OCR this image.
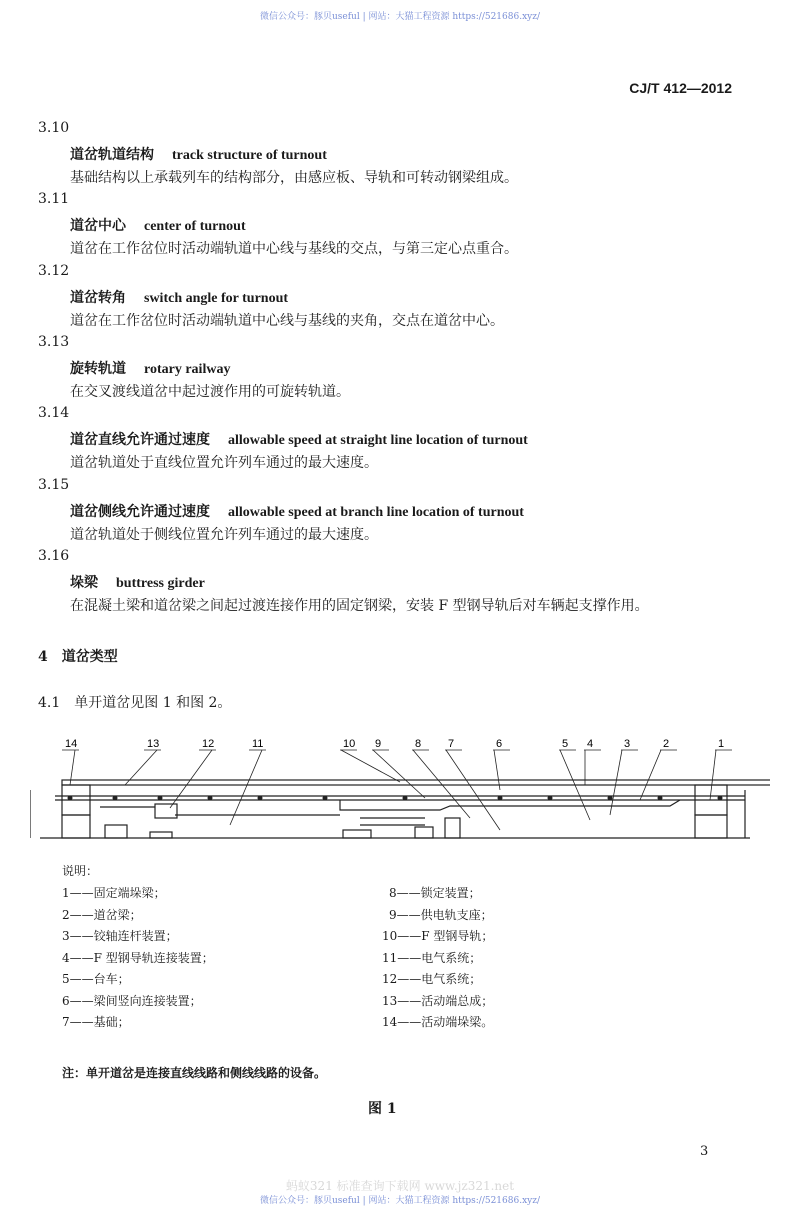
微信公众号：豚贝useful | 网站：大猫工程资源 https://521686.xyz/
CJ/T 412—2012
3.10
道岔轨道结构 track structure of turnout
基础结构以上承载列车的结构部分，由感应板、导轨和可转动钢梁组成。
3.11
道岔中心 center of turnout
道岔在工作岔位时活动端轨道中心线与基线的交点，与第三定心点重合。
3.12
道岔转角 switch angle for turnout
道岔在工作岔位时活动端轨道中心线与基线的夹角，交点在道岔中心。
3.13
旋转轨道 rotary railway
在交叉渡线道岔中起过渡作用的可旋转轨道。
3.14
道岔直线允许通过速度 allowable speed at straight line location of turnout
道岔轨道处于直线位置允许列车通过的最大速度。
3.15
道岔侧线允许通过速度 allowable speed at branch line location of turnout
道岔轨道处于侧线位置允许列车通过的最大速度。
3.16
垛梁 buttress girder
在混凝土梁和道岔梁之间起过渡连接作用的固定钢梁，安装 F 型钢导轨后对车辆起支撑作用。
4　道岔类型
4.1　单开道岔见图 1 和图 2。
14	13	12	11	10 9	8 7	6	5 4	3	2	1
说明：
1——固定端垛梁；
2——道岔梁；
3——铰轴连杆装置；
4——F 型钢导轨连接装置；
5——台车；
6——梁间竖向连接装置；
7——基础；
8——锁定装置；
9——供电轨支座；
10——F 型钢导轨；
11——电气系统；
12——电气系统；
13——活动端总成；
14——活动端垛梁。
注：单开道岔是连接直线线路和侧线线路的设备。
图 1
3
蚂蚁321 标准查询下载网 www.jz321.net
微信公众号：豚贝useful | 网站：大猫工程资源 https://521686.xyz/
